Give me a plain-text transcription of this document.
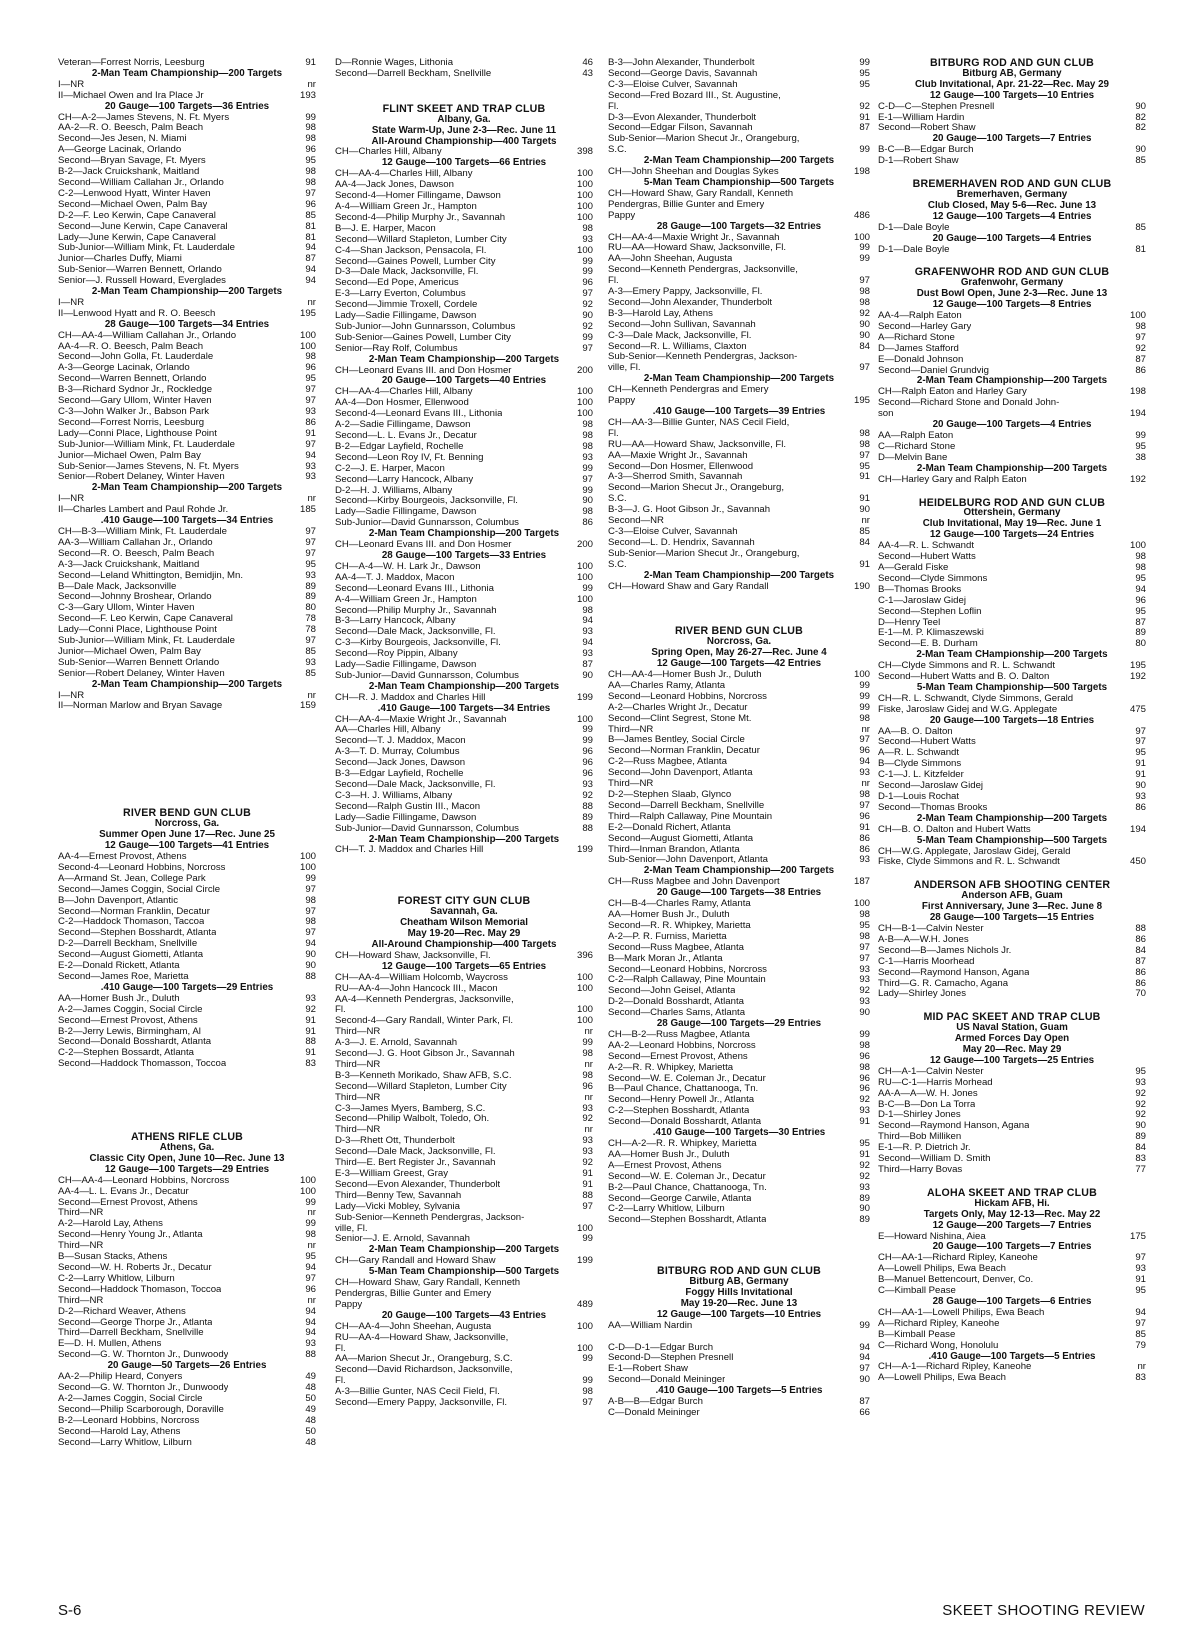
Veteran—Forrest Norris, Leesburg	91
2-Man Team Championship—200 Targets
I—NR	nr
II—Michael Owen and Ira Place Jr	193
20 Gauge—100 Targets—36 Entries
CH—A-2—James Stevens, N. Ft. Myers	99
AA-2—R. O. Beesch, Palm Beach	98
Second—Jes Jesen, N. Miami	98
A—George Lacinak, Orlando	96
Second—Bryan Savage, Ft. Myers	95
B-2—Jack Cruickshank, Maitland	98
Second—William Callahan Jr., Orlando	98
C-2—Lenwood Hyatt, Winter Haven	97
Second—Michael Owen, Palm Bay	96
D-2—F. Leo Kerwin, Cape Canaveral	85
Second—June Kerwin, Cape Canaveral	81
Lady—June Kerwin, Cape Canaveral	81
Sub-Junior—William Mink, Ft. Lauderdale	94
Junior—Charles Duffy, Miami	87
Sub-Senior—Warren Bennett, Orlando	94
Senior—J. Russell Howard, Everglades	94
2-Man Team Championship—200 Targets
I—NR	nr
II—Lenwood Hyatt and R. O. Beesch	195
28 Gauge—100 Targets—34 Entries
CH—AA-4—William Callahan Jr., Orlando	100
AA-4—R. O. Beesch, Palm Beach	100
Second—John Golla, Ft. Lauderdale	98
A-3—George Lacinak, Orlando	96
Second—Warren Bennett, Orlando	95
B-3—Richard Sydnor Jr., Rockledge	97
Second—Gary Ullom, Winter Haven	97
C-3—John Walker Jr., Babson Park	93
Second—Forrest Norris, Leesburg	86
Lady—Conni Place, Lighthouse Point	91
Sub-Junior—William Mink, Ft. Lauderdale	97
Junior—Michael Owen, Palm Bay	94
Sub-Senior—James Stevens, N. Ft. Myers	93
Senior—Robert Delaney, Winter Haven	93
2-Man Team Championship—200 Targets
I—NR	nr
II—Charles Lambert and Paul Rohde Jr.	185
.410 Gauge—100 Targets—34 Entries
CH—B-3—William Mink, Ft. Lauderdale	97
AA-3—William Callahan Jr., Orlando	97
Second—R. O. Beesch, Palm Beach	97
A-3—Jack Cruickshank, Maitland	95
Second—Leland Whittington, Bemidjin, Mn.	93
B—Dale Mack, Jacksonville	89
Second—Johnny Broshear, Orlando	89
C-3—Gary Ullom, Winter Haven	80
Second—F. Leo Kerwin, Cape Canaveral	78
Lady—Conni Place, Lighthouse Point	78
Sub-Junior—William Mink, Ft. Lauderdale	97
Junior—Michael Owen, Palm Bay	85
Sub-Senior—Warren Bennett Orlando	93
Senior—Robert Delaney, Winter Haven	85
2-Man Team Championship—200 Targets
I—NR	nr
II—Norman Marlow and Bryan Savage	159
RIVER BEND GUN CLUB
Norcross, Ga.
Summer Open June 17—Rec. June 25
12 Gauge—100 Targets—41 Entries
AA-4—Ernest Provost, Athens	100
Second-4—Leonard Hobbins, Norcross	100
A—Armand St. Jean, College Park	99
Second—James Coggin, Social Circle	97
B—John Davenport, Atlantic	98
Second—Norman Franklin, Decatur	97
C-2—Haddock Thomason, Taccoa	98
Second—Stephen Bosshardt, Atlanta	97
D-2—Darrell Beckham, Snellville	94
Second—August Giometti, Atlanta	90
E-2—Donald Rickett, Atlanta	90
Second—James Roe, Marietta	88
.410 Gauge—100 Targets—29 Entries
AA—Homer Bush Jr., Duluth	93
A-2—James Coggin, Social Circle	92
Second—Ernest Provost, Athens	91
B-2—Jerry Lewis, Birmingham, Al	91
Second—Donald Bosshardt, Atlanta	88
C-2—Stephen Bossardt, Atlanta	91
Second—Haddock Thomasson, Toccoa	83
ATHENS RIFLE CLUB
Athens, Ga.
Classic City Open, June 10—Rec. June 13
12 Gauge—100 Targets—29 Entries
CH—AA-4—Leonard Hobbins, Norcross	100
AA-4—L. L. Evans Jr., Decatur	100
Second—Ernest Provost, Athens	99
Third—NR	nr
A-2—Harold Lay, Athens	99
Second—Henry Young Jr., Atlanta	98
Third—NR	nr
B—Susan Stacks, Athens	95
Second—W. H. Roberts Jr., Decatur	94
C-2—Larry Whitlow, Lilburn	97
Second—Haddock Thomason, Toccoa	96
Third—NR	nr
D-2—Richard Weaver, Athens	94
Second—George Thorpe Jr., Atlanta	94
Third—Darrell Beckham, Snellville	94
E—D. H. Mullen, Athens	93
Second—G. W. Thornton Jr., Dunwoody	88
20 Gauge—50 Targets—26 Entries
AA-2—Philip Heard, Conyers	49
Second—G. W. Thornton Jr., Dunwoody	48
A-2—James Coggin, Social Circle	50
Second—Philip Scarborough, Doraville	49
B-2—Leonard Hobbins, Norcross	48
Second—Harold Lay, Athens	50
Second—Larry Whitlow, Lilburn	48
D—Ronnie Wages, Lithonia	46
Second—Darrell Beckham, Snellville	43
FLINT SKEET AND TRAP CLUB
Albany, Ga.
State Warm-Up, June 2-3—Rec. June 11
All-Around Championship—400 Targets
CH—Charles Hill, Albany	398
12 Gauge—100 Targets—66 Entries
CH—AA-4—Charles Hill, Albany	100
AA-4—Jack Jones, Dawson	100
Second-4—Homer Fillingame, Dawson	100
A-4—William Green Jr., Hampton	100
Second-4—Philip Murphy Jr., Savannah	100
B—J. E. Harper, Macon	98
Second—Willard Stapleton, Lumber City	93
C-4—Shan Jackson, Pensacola, Fl.	100
Second—Gaines Powell, Lumber City	99
D-3—Dale Mack, Jacksonville, Fl.	99
Second—Ed Pope, Americus	96
E-3—Larry Everton, Columbus	97
Second—Jimmie Troxell, Cordele	92
Lady—Sadie Fillingame, Dawson	90
Sub-Junior—John Gunnarsson, Columbus	92
Sub-Senior—Gaines Powell, Lumber City	99
Senior—Ray Rolf, Columbus	97
2-Man Team Championship—200 Targets
CH—Leonard Evans III. and Don Hosmer	200
20 Gauge—100 Targets—40 Entries
CH—AA-4—Charles Hill, Albany	100
AA-4—Don Hosmer, Ellenwood	100
Second-4—Leonard Evans III., Lithonia	100
A-2—Sadie Fillingame, Dawson	98
Second—L. L. Evans Jr., Decatur	98
B-2—Edgar Layfield, Rochelle	98
Second—Leon Roy IV, Ft. Benning	93
C-2—J. E. Harper, Macon	99
Second—Larry Hancock, Albany	97
D-2—H. J. Williams, Albany	99
Second—Kirby Bourgeois, Jacksonville, Fl.	90
Lady—Sadie Fillingame, Dawson	98
Sub-Junior—David Gunnarsson, Columbus	86
2-Man Team Championship—200 Targets
CH—Leonard Evans III. and Don Hosmer	200
28 Gauge—100 Targets—33 Entries
CH—A-4—W. H. Lark Jr., Dawson	100
AA-4—T. J. Maddox, Macon	100
Second—Leonard Evans III., Lithonia	99
A-4—William Green Jr., Hampton	100
Second—Philip Murphy Jr., Savannah	98
B-3—Larry Hancock, Albany	94
Second—Dale Mack, Jacksonville, Fl.	93
C-3—Kirby Bourgeois, Jacksonville, Fl.	94
Second—Roy Pippin, Albany	93
Lady—Sadie Fillingame, Dawson	87
Sub-Junior—David Gunnarsson, Columbus	90
2-Man Team Championship—200 Targets
CH—R. J. Maddox and Charles Hill	199
.410 Gauge—100 Targets—34 Entries
CH—AA-4—Maxie Wright Jr., Savannah	100
AA—Charles Hill, Albany	99
Second—T. J. Maddox, Macon	99
A-3—T. D. Murray, Columbus	96
Second—Jack Jones, Dawson	96
B-3—Edgar Layfield, Rochelle	96
Second—Dale Mack, Jacksonville, Fl.	93
C-3—H. J. Williams, Albany	92
Second—Ralph Gustin III., Macon	88
Lady—Sadie Fillingame, Dawson	89
Sub-Junior—David Gunnarsson, Columbus	88
2-Man Team Championship—200 Targets
CH—T. J. Maddox and Charles Hill	199
FOREST CITY GUN CLUB
Savannah, Ga.
Cheatham Wilson Memorial
May 19-20—Rec. May 29
All-Around Championship—400 Targets
CH—Howard Shaw, Jacksonville, Fl.	396
12 Gauge—100 Targets—65 Entries
CH—AA-4—William Holcomb, Waycross	100
RU—AA-4—John Hancock III., Macon	100
AA-4—Kenneth Pendergras, Jacksonville,
Fl.	100
Second-4—Gary Randall, Winter Park, Fl.	100
Third—NR	nr
A-3—J. E. Arnold, Savannah	99
Second—J. G. Hoot Gibson Jr., Savannah	98
Third—NR	nr
B-3—Kenneth Morikado, Shaw AFB, S.C.	98
Second—Willard Stapleton, Lumber City	96
Third—NR	nr
C-3—James Myers, Bamberg, S.C.	93
Second—Philip Walbolt, Toledo, Oh.	92
Third—NR	nr
D-3—Rhett Ott, Thunderbolt	93
Second—Dale Mack, Jacksonville, Fl.	93
Third—E. Bert Register Jr., Savannah	92
E-3—William Greest, Gray	91
Second—Evon Alexander, Thunderbolt	91
Third—Benny Tew, Savannah	88
Lady—Vicki Mobley, Sylvania	97
Sub-Senior—Kenneth Pendergras, Jackson-
ville, Fl.	100
Senior—J. E. Arnold, Savannah	99
2-Man Team Championship—200 Targets
CH—Gary Randall and Howard Shaw	199
5-Man Team Championship—500 Targets
CH—Howard Shaw, Gary Randall, Kenneth
Pendergras, Billie Gunter and Emery
Pappy	489
20 Gauge—100 Targets—43 Entries
CH—AA-4—John Sheehan, Augusta	100
RU—AA-4—Howard Shaw, Jacksonville,
Fl.	100
AA—Marion Shecut Jr., Orangeburg, S.C.	99
Second—David Richardson, Jacksonville,
Fl.	99
A-3—Billie Gunter, NAS Cecil Field, Fl.	98
Second—Emery Pappy, Jacksonville, Fl.	97
B-3—John Alexander, Thunderbolt	99
Second—George Davis, Savannah	95
C-3—Eloise Culver, Savannah	95
Second—Fred Bozard III., St. Augustine,
Fl.	92
D-3—Evon Alexander, Thunderbolt	91
Second—Edgar Filson, Savannah	87
Sub-Senior—Marion Shecut Jr., Orangeburg,
S.C.	99
2-Man Team Championship—200 Targets
CH—John Sheehan and Douglas Sykes	198
5-Man Team Championship—500 Targets
CH—Howard Shaw, Gary Randall, Kenneth
Pendergras, Billie Gunter and Emery
Pappy	486
28 Gauge—100 Targets—32 Entries
CH—AA-4—Maxie Wright Jr., Savannah	100
RU—AA—Howard Shaw, Jacksonville, Fl.	99
AA—John Sheehan, Augusta	99
Second—Kenneth Pendergras, Jacksonville,
Fl.	97
A-3—Emery Pappy, Jacksonville, Fl.	98
Second—John Alexander, Thunderbolt	98
B-3—Harold Lay, Athens	92
Second—John Sullivan, Savannah	90
C-3—Dale Mack, Jacksonville, Fl.	90
Second—R. L. Williams, Claxton	84
Sub-Senior—Kenneth Pendergras, Jackson-
ville, Fl.	97
2-Man Team Championship—200 Targets
CH—Kenneth Pendergras and Emery
Pappy	195
.410 Gauge—100 Targets—39 Entries
CH—AA-3—Billie Gunter, NAS Cecil Field,
Fl.	98
RU—AA—Howard Shaw, Jacksonville, Fl.	98
AA—Maxie Wright Jr., Savannah	97
Second—Don Hosmer, Ellenwood	95
A-3—Sherrod Smith, Savannah	91
Second—Marion Shecut Jr., Orangeburg,
S.C.	91
B-3—J. G. Hoot Gibson Jr., Savannah	90
Second—NR	nr
C-3—Eloise Culver, Savannah	85
Second—L. D. Hendrix, Savannah	84
Sub-Senior—Marion Shecut Jr., Orangeburg,
S.C.	91
2-Man Team Championship—200 Targets
CH—Howard Shaw and Gary Randall	190
RIVER BEND GUN CLUB
Norcross, Ga.
Spring Open, May 26-27—Rec. June 4
12 Gauge—100 Targets—42 Entries
CH—AA-4—Homer Bush Jr., Duluth	100
AA—Charles Ramy, Atlanta	99
Second—Leonard Hobbins, Norcross	99
A-2—Charles Wright Jr., Decatur	99
Second—Clint Segrest, Stone Mt.	98
Third—NR	nr
B—James Bentley, Social Circle	97
Second—Norman Franklin, Decatur	96
C-2—Russ Magbee, Atlanta	94
Second—John Davenport, Atlanta	93
Third—NR	nr
D-2—Stephen Slaab, Glynco	98
Second—Darrell Beckham, Snellville	97
Third—Ralph Callaway, Pine Mountain	96
E-2—Donald Richert, Atlanta	91
Second—August Giometti, Atlanta	86
Third—Inman Brandon, Atlanta	86
Sub-Senior—John Davenport, Atlanta	93
2-Man Team Championship—200 Targets
CH—Russ Magbee and John Davenport	187
20 Gauge—100 Targets—38 Entries
CH—B-4—Charles Ramy, Atlanta	100
AA—Homer Bush Jr., Duluth	98
Second—R. R. Whipkey, Marietta	95
A-2—P. R. Furniss, Marietta	98
Second—Russ Magbee, Atlanta	97
B—Mark Moran Jr., Atlanta	97
Second—Leonard Hobbins, Norcross	93
C-2—Ralph Callaway, Pine Mountain	93
Second—John Geisel, Atlanta	92
D-2—Donald Bosshardt, Atlanta	93
Second—Charles Sams, Atlanta	90
28 Gauge—100 Targets—29 Entries
CH—B-2—Russ Magbee, Atlanta	99
AA-2—Leonard Hobbins, Norcross	98
Second—Ernest Provost, Athens	96
A-2—R. R. Whipkey, Marietta	98
Second—W. E. Coleman Jr., Decatur	96
B—Paul Chance, Chattanooga, Tn.	96
Second—Henry Powell Jr., Atlanta	92
C-2—Stephen Bosshardt, Atlanta	93
Second—Donald Bosshardt, Atlanta	91
.410 Gauge—100 Targets—30 Entries
CH—A-2—R. R. Whipkey, Marietta	95
AA—Homer Bush Jr., Duluth	91
A—Ernest Provost, Athens	92
Second—W. E. Coleman Jr., Decatur	92
B-2—Paul Chance, Chattanooga, Tn.	93
Second—George Carwile, Atlanta	89
C-2—Larry Whitlow, Lilburn	90
Second—Stephen Bosshardt, Atlanta	89
BITBURG ROD AND GUN CLUB
Bitburg AB, Germany
Foggy Hills Invitational
May 19-20—Rec. June 13
12 Gauge—100 Targets—10 Entries
AA—William Nardin	99
C-D—D-1—Edgar Burch	94
Second-D—Stephen Presnell	94
E-1—Robert Shaw	97
Second—Donald Meininger	90
.410 Gauge—100 Targets—5 Entries
A-B—B—Edgar Burch	87
C—Donald Meininger	66
BITBURG ROD AND GUN CLUB
Bitburg AB, Germany
Club Invitational, Apr. 21-22—Rec. May 29
12 Gauge—100 Targets—10 Entries
C-D—C—Stephen Presnell	90
E-1—William Hardin	82
Second—Robert Shaw	82
20 Gauge—100 Targets—7 Entries
B-C—B—Edgar Burch	90
D-1—Robert Shaw	85
BREMERHAVEN ROD AND GUN CLUB
Bremerhaven, Germany
Club Closed, May 5-6—Rec. June 13
12 Gauge—100 Targets—4 Entries
D-1—Dale Boyle	85
20 Gauge—100 Targets—4 Entries
D-1—Dale Boyle	81
GRAFENWOHR ROD AND GUN CLUB
Grafenwohr, Germany
Dust Bowl Open, June 2-3—Rec. June 13
12 Gauge—100 Targets—8 Entries
AA-4—Ralph Eaton	100
Second—Harley Gary	98
A—Richard Stone	97
D—James Stafford	92
E—Donald Johnson	87
Second—Daniel Grundvig	86
2-Man Team Championship—200 Targets
CH—Ralph Eaton and Harley Gary	198
Second—Richard Stone and Donald John-
son	194
20 Gauge—100 Targets—4 Entries
AA—Ralph Eaton	99
C—Richard Stone	95
D—Melvin Bane	38
2-Man Team Championship—200 Targets
CH—Harley Gary and Ralph Eaton	192
HEIDELBURG ROD AND GUN CLUB
Ottershein, Germany
Club Invitational, May 19—Rec. June 1
12 Gauge—100 Targets—24 Entries
AA-4—R. L. Schwandt	100
Second—Hubert Watts	98
A—Gerald Fiske	98
Second—Clyde Simmons	95
B—Thomas Brooks	94
C-1—Jaroslaw Gidej	96
Second—Stephen Loflin	95
D—Henry Teel	87
E-1—M. P. Klimaszewski	89
Second—E. B. Durham	80
2-Man Team CHampionship—200 Targets
CH—Clyde Simmons and R. L. Schwandt	195
Second—Hubert Watts and B. O. Dalton	192
5-Man Team Championship—500 Targets
CH—R. L. Schwandt, Clyde Simmons, Gerald
Fiske, Jaroslaw Gidej and W.G. Applegate	475
20 Gauge—100 Targets—18 Entries
AA—B. O. Dalton	97
Second—Hubert Watts	97
A—R. L. Schwandt	95
B—Clyde Simmons	91
C-1—J. L. Kitzfelder	91
Second—Jaroslaw Gidej	90
D-1—Louis Rochat	93
Second—Thomas Brooks	86
2-Man Team Championship—200 Targets
CH—B. O. Dalton and Hubert Watts	194
5-Man Team Championship—500 Targets
CH—W.G. Applegate, Jaroslaw Gidej, Gerald
Fiske, Clyde Simmons and R. L. Schwandt	450
ANDERSON AFB SHOOTING CENTER
Anderson AFB, Guam
First Anniversary, June 3—Rec. June 8
28 Gauge—100 Targets—15 Entries
CH—B-1—Calvin Nester	88
A-B—A—W.H. Jones	86
Second—B—James Nichols Jr.	84
C-1—Harris Moorhead	87
Second—Raymond Hanson, Agana	86
Third—G. R. Camacho, Agana	86
Lady—Shirley Jones	70
MID PAC SKEET AND TRAP CLUB
US Naval Station, Guam
Armed Forces Day Open
May 20—Rec. May 29
12 Gauge—100 Targets—25 Entries
CH—A-1—Calvin Nester	95
RU—C-1—Harris Morhead	93
AA-A—A—W. H. Jones	92
B-C—B—Don La Torra	92
D-1—Shirley Jones	92
Second—Raymond Hanson, Agana	90
Third—Bob Milliken	89
E-1—R. P. Dietrich Jr.	84
Second—William D. Smith	83
Third—Harry Bovas	77
ALOHA SKEET AND TRAP CLUB
Hickam AFB, Hi.
Targets Only, May 12-13—Rec. May 22
12 Gauge—200 Targets—7 Entries
E—Howard Nishina, Aiea	175
20 Gauge—100 Targets—7 Entries
CH—AA-1—Richard Ripley, Kaneohe	97
A—Lowell Philips, Ewa Beach	93
B—Manuel Bettencourt, Denver, Co.	91
C—Kimball Pease	95
28 Gauge—100 Targets—6 Entries
CH—AA-1—Lowell Philips, Ewa Beach	94
A—Richard Ripley, Kaneohe	97
B—Kimball Pease	85
C—Richard Wong, Honolulu	79
.410 Gauge—100 Targets—5 Entries
CH—A-1—Richard Ripley, Kaneohe	nr
A—Lowell Philips, Ewa Beach	83
S-6	SKEET SHOOTING REVIEW
